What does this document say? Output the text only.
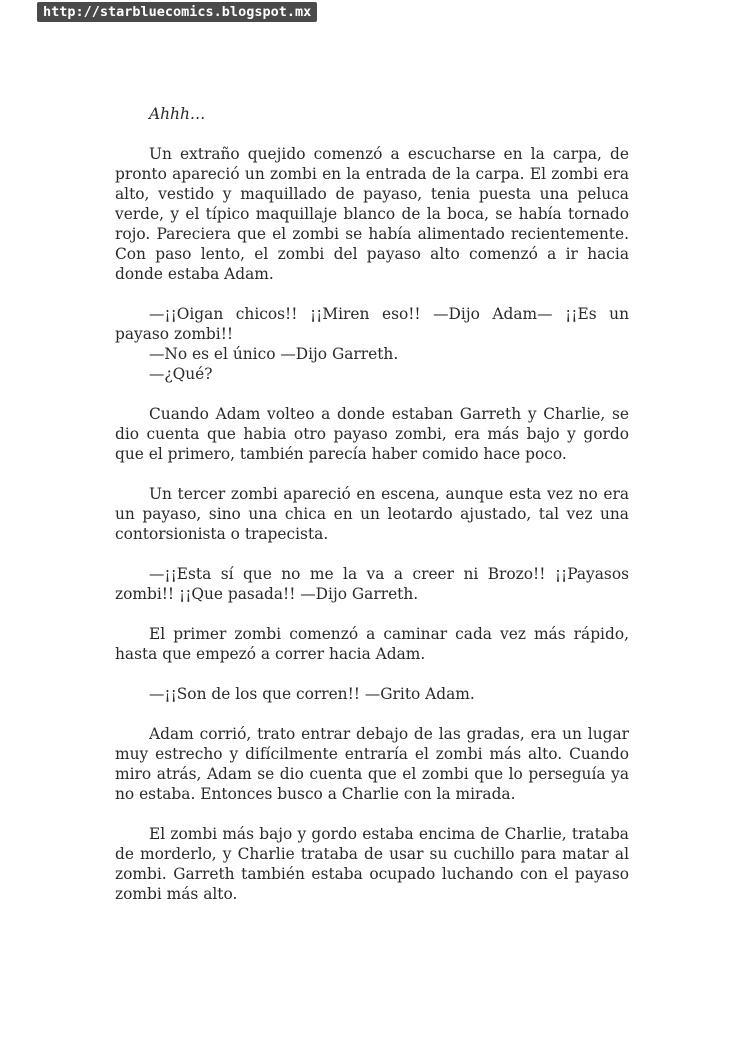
http://starbluecomics.blogspot.mx

Ahhh…

Un extraño quejido comenzó a escucharse en la carpa, de pronto apareció un zombi en la entrada de la carpa. El zombi era alto, vestido y maquillado de payaso, tenia puesta una peluca verde, y el típico maquillaje blanco de la boca, se había tornado rojo. Pareciera que el zombi se había alimentado recientemente. Con paso lento, el zombi del payaso alto comenzó a ir hacia donde estaba Adam.

—¡¡Oigan chicos!! ¡¡Miren eso!! —Dijo Adam— ¡¡Es un payaso zombi!!

—No es el único —Dijo Garreth.

—¿Qué?

Cuando Adam volteo a donde estaban Garreth y Charlie, se dio cuenta que habia otro payaso zombi, era más bajo y gordo que el primero, también parecía haber comido hace poco.

Un tercer zombi apareció en escena, aunque esta vez no era un payaso, sino una chica en un leotardo ajustado, tal vez una contorsionista o trapecista.

—¡¡Esta sí que no me la va a creer ni Brozo!! ¡¡Payasos zombi!! ¡¡Que pasada!! —Dijo Garreth.

El primer zombi comenzó a caminar cada vez más rápido, hasta que empezó a correr hacia Adam.

—¡¡Son de los que corren!! —Grito Adam.

Adam corrió, trato entrar debajo de las gradas, era un lugar muy estrecho y difícilmente entraría el zombi más alto. Cuando miro atrás, Adam se dio cuenta que el zombi que lo perseguía ya no estaba. Entonces busco a Charlie con la mirada.

El zombi más bajo y gordo estaba encima de Charlie, trataba de morderlo, y Charlie trataba de usar su cuchillo para matar al zombi. Garreth también estaba ocupado luchando con el payaso zombi más alto.
